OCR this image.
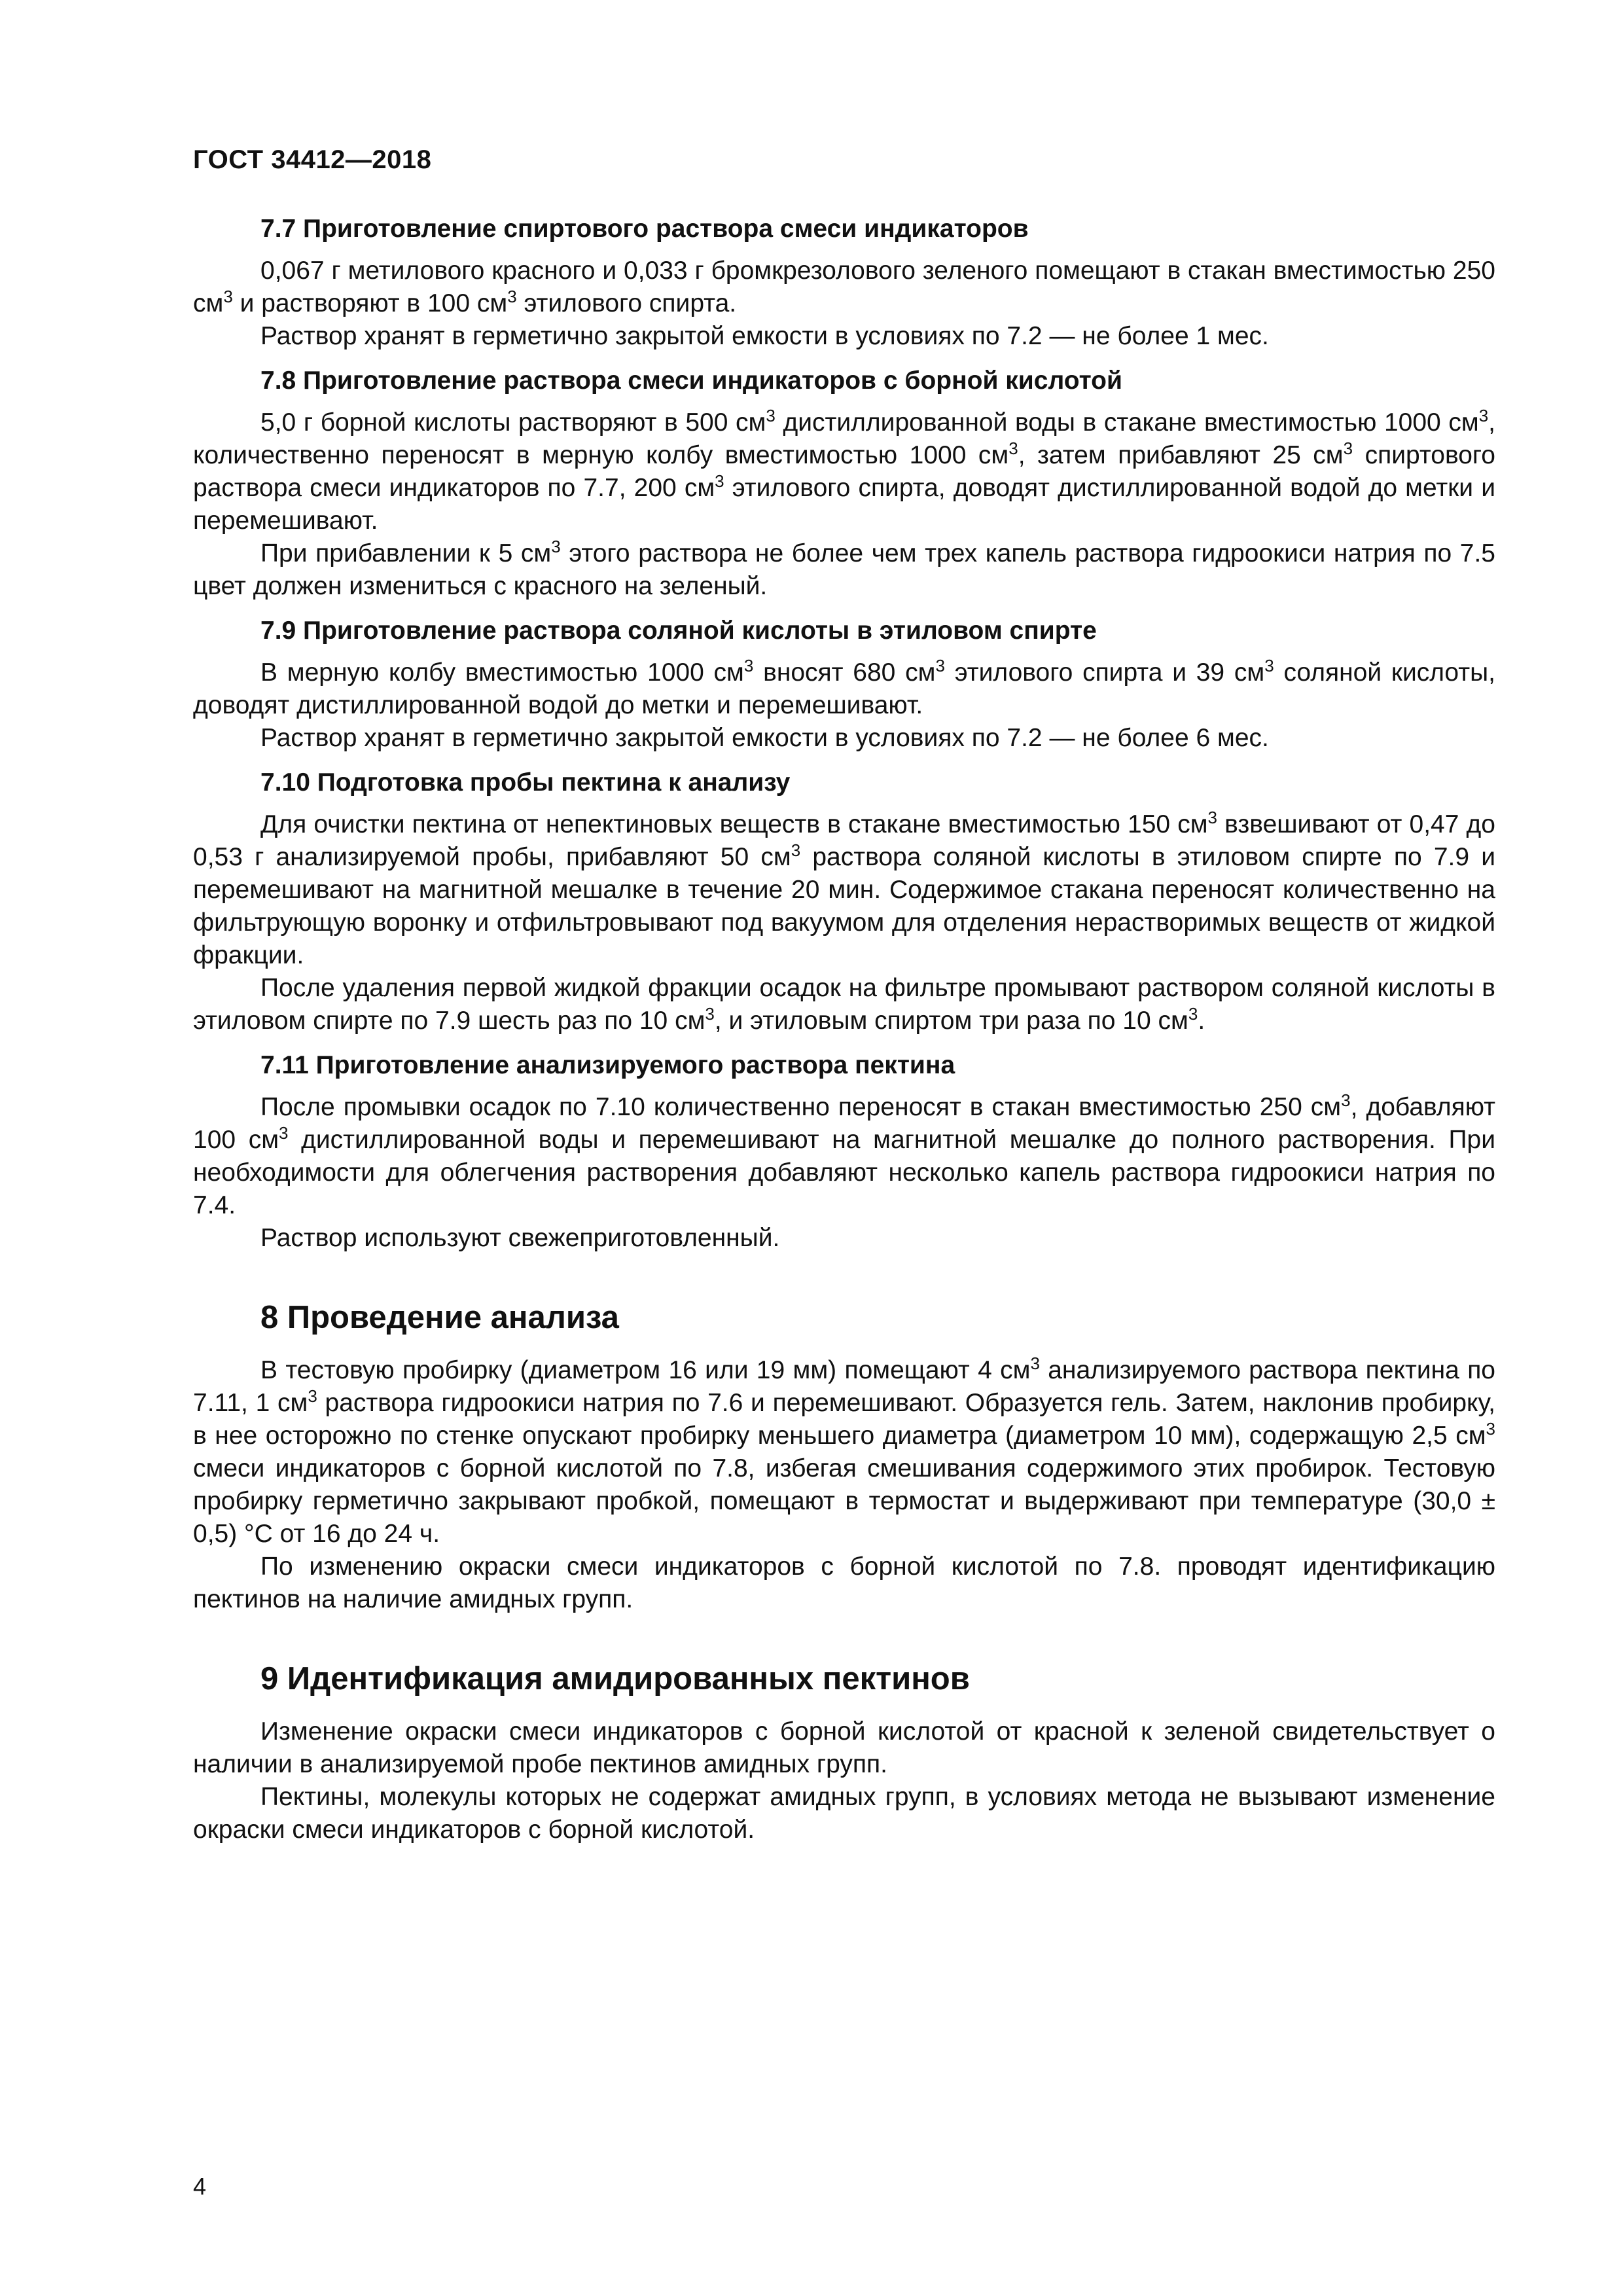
ГОСТ 34412—2018

7.7 Приготовление спиртового раствора смеси индикаторов

0,067 г метилового красного и 0,033 г бромкрезолового зеленого помещают в стакан вместимостью 250 $см^3$ и растворяют в 100 $см^3$ этилового спирта.

Раствор хранят в герметично закрытой емкости в условиях по 7.2 — не более 1 мес.

7.8 Приготовление раствора смеси индикаторов с борной кислотой

5,0 г борной кислоты растворяют в 500 $см^3$ дистиллированной воды в стакане вместимостью 1000 $см^3$, количественно переносят в мерную колбу вместимостью 1000 $см^3$, затем прибавляют 25 $см^3$ спиртового раствора смеси индикаторов по 7.7, 200 $см^3$ этилового спирта, доводят дистиллированной водой до метки и перемешивают.

При прибавлении к 5 $см^3$ этого раствора не более чем трех капель раствора гидроокиси натрия по 7.5 цвет должен измениться с красного на зеленый.

7.9 Приготовление раствора соляной кислоты в этиловом спирте

В мерную колбу вместимостью 1000 $см^3$ вносят 680 $см^3$ этилового спирта и 39 $см^3$ соляной кислоты, доводят дистиллированной водой до метки и перемешивают.

Раствор хранят в герметично закрытой емкости в условиях по 7.2 — не более 6 мес.

7.10 Подготовка пробы пектина к анализу

Для очистки пектина от непектиновых веществ в стакане вместимостью 150 $см^3$ взвешивают от 0,47 до 0,53 г анализируемой пробы, прибавляют 50 $см^3$ раствора соляной кислоты в этиловом спирте по 7.9 и перемешивают на магнитной мешалке в течение 20 мин. Содержимое стакана переносят количественно на фильтрующую воронку и отфильтровывают под вакуумом для отделения нерастворимых веществ от жидкой фракции.

После удаления первой жидкой фракции осадок на фильтре промывают раствором соляной кислоты в этиловом спирте по 7.9 шесть раз по 10 $см^3$, и этиловым спиртом три раза по 10 $см^3$.

7.11 Приготовление анализируемого раствора пектина

После промывки осадок по 7.10 количественно переносят в стакан вместимостью 250 $см^3$, добавляют 100 $см^3$ дистиллированной воды и перемешивают на магнитной мешалке до полного растворения. При необходимости для облегчения растворения добавляют несколько капель раствора гидроокиси натрия по 7.4.

Раствор используют свежеприготовленный.

8 Проведение анализа

В тестовую пробирку (диаметром 16 или 19 мм) помещают 4 $см^3$ анализируемого раствора пектина по 7.11, 1 $см^3$ раствора гидроокиси натрия по 7.6 и перемешивают. Образуется гель. Затем, наклонив пробирку, в нее осторожно по стенке опускают пробирку меньшего диаметра (диаметром 10 мм), содержащую 2,5 $см^3$ смеси индикаторов с борной кислотой по 7.8, избегая смешивания содержимого этих пробирок. Тестовую пробирку герметично закрывают пробкой, помещают в термостат и выдерживают при температуре (30,0 ± 0,5) °С от 16 до 24 ч.

По изменению окраски смеси индикаторов с борной кислотой по 7.8. проводят идентификацию пектинов на наличие амидных групп.

9 Идентификация амидированных пектинов

Изменение окраски смеси индикаторов с борной кислотой от красной к зеленой свидетельствует о наличии в анализируемой пробе пектинов амидных групп.

Пектины, молекулы которых не содержат амидных групп, в условиях метода не вызывают изменение окраски смеси индикаторов с борной кислотой.

4
